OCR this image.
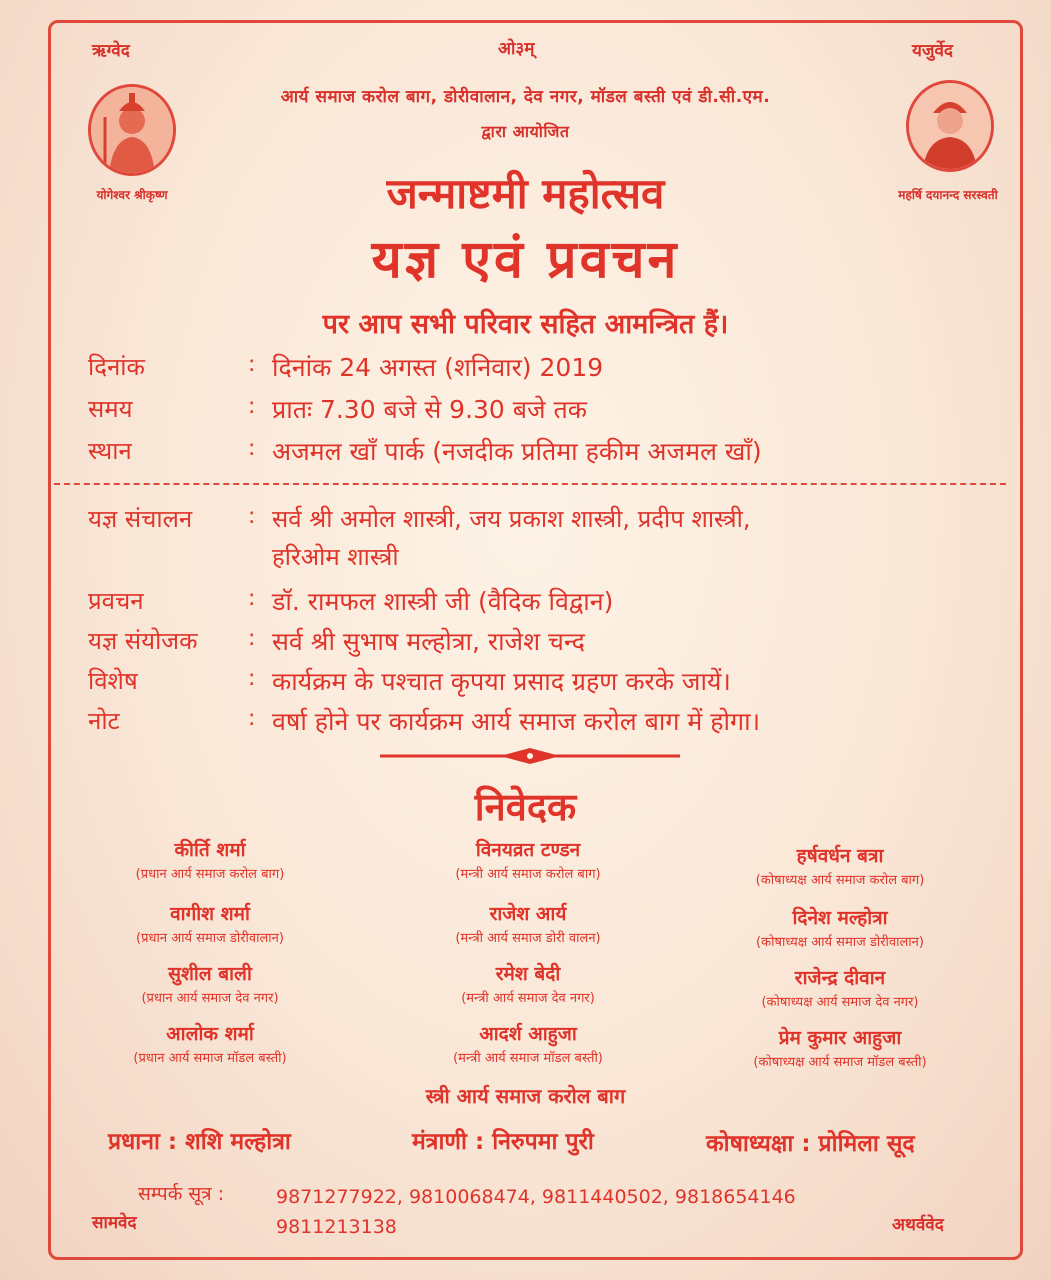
ऋग्वेद	ओ३म्	यजुर्वेद
सामवेद	अथर्ववेद
योगेश्वर श्रीकृष्ण	महर्षि दयानन्द सरस्वती
आर्य समाज करोल बाग, डोरीवालान, देव नगर, मॉडल बस्ती एवं डी.सी.एम.
द्वारा आयोजित
जन्माष्टमी महोत्सव
यज्ञ एवं प्रवचन
पर आप सभी परिवार सहित आमन्त्रित हैं।
दिनांक	: दिनांक 24 अगस्त (शनिवार) 2019
समय	: प्रातः 7.30 बजे से 9.30 बजे तक
स्थान	: अजमल खाँ पार्क (नजदीक प्रतिमा हकीम अजमल खाँ)
यज्ञ संचालन	: सर्व श्री अमोल शास्त्री, जय प्रकाश शास्त्री, प्रदीप शास्त्री,
हरिओम शास्त्री
प्रवचन	: डॉ. रामफल शास्त्री जी (वैदिक विद्वान)
यज्ञ संयोजक : सर्व श्री सुभाष मल्होत्रा, राजेश चन्द
विशेष	: कार्यक्रम के पश्चात कृपया प्रसाद ग्रहण करके जायें।
नोट	: वर्षा होने पर कार्यक्रम आर्य समाज करोल बाग में होगा।
निवेदक
कीर्ति शर्मा
(प्रधान आर्य समाज करोल बाग)
विनयव्रत टण्डन
(मन्त्री आर्य समाज करोल बाग)
हर्षवर्धन बत्रा
(कोषाध्यक्ष आर्य समाज करोल बाग)
वागीश शर्मा
(प्रधान आर्य समाज डोरीवालान)
राजेश आर्य
(मन्त्री आर्य समाज डोरी वालन)
दिनेश मल्होत्रा
(कोषाध्यक्ष आर्य समाज डोरीवालान)
सुशील बाली
(प्रधान आर्य समाज देव नगर)
रमेश बेदी
(मन्त्री आर्य समाज देव नगर)
राजेन्द्र दीवान
(कोषाध्यक्ष आर्य समाज देव नगर)
आलोक शर्मा
(प्रधान आर्य समाज मॉडल बस्ती)
आदर्श आहुजा
(मन्त्री आर्य समाज मॉडल बस्ती)
प्रेम कुमार आहुजा
(कोषाध्यक्ष आर्य समाज मॉडल बस्ती)
स्त्री आर्य समाज करोल बाग
प्रधाना : शशि मल्होत्रा	मंत्राणी : निरुपमा पुरी	कोषाध्यक्षा : प्रोमिला सूद
सम्पर्क सूत्र :	9871277922, 9810068474, 9811440502, 9818654146
9811213138
